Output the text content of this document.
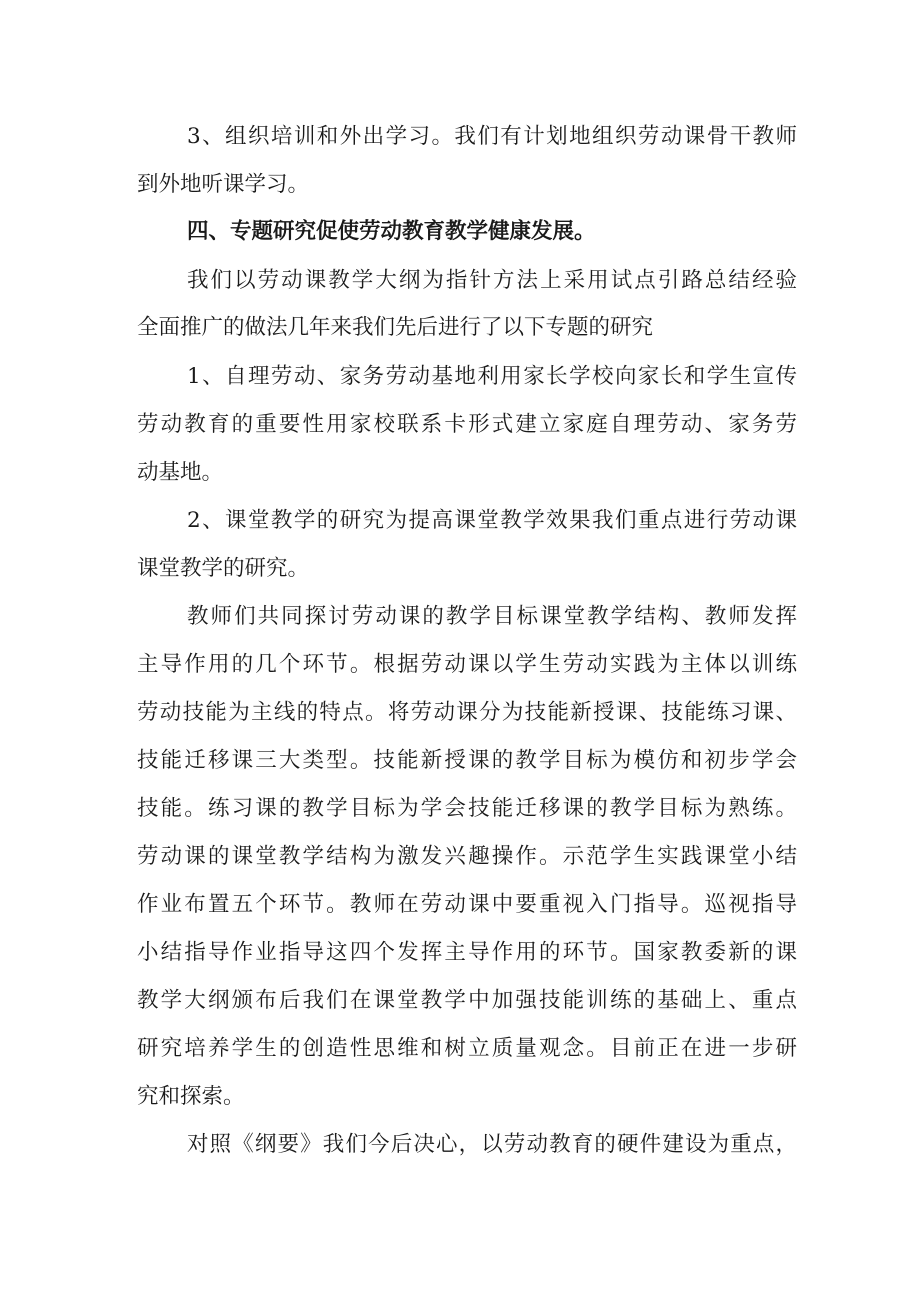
3、组织培训和外出学习。我们有计划地组织劳动课骨干教师
到外地听课学习。
四、专题研究促使劳动教育教学健康发展。
我们以劳动课教学大纲为指针方法上采用试点引路总结经验
全面推广的做法几年来我们先后进行了以下专题的研究
1、自理劳动、家务劳动基地利用家长学校向家长和学生宣传
劳动教育的重要性用家校联系卡形式建立家庭自理劳动、家务劳
动基地。
2、课堂教学的研究为提高课堂教学效果我们重点进行劳动课
课堂教学的研究。
教师们共同探讨劳动课的教学目标课堂教学结构、教师发挥
主导作用的几个环节。根据劳动课以学生劳动实践为主体以训练
劳动技能为主线的特点。将劳动课分为技能新授课、技能练习课、
技能迁移课三大类型。技能新授课的教学目标为模仿和初步学会
技能。练习课的教学目标为学会技能迁移课的教学目标为熟练。
劳动课的课堂教学结构为激发兴趣操作。示范学生实践课堂小结
作业布置五个环节。教师在劳动课中要重视入门指导。巡视指导
小结指导作业指导这四个发挥主导作用的环节。国家教委新的课
教学大纲颁布后我们在课堂教学中加强技能训练的基础上、重点
研究培养学生的创造性思维和树立质量观念。目前正在进一步研
究和探索。
对照《纲要》我们今后决心，以劳动教育的硬件建设为重点，
